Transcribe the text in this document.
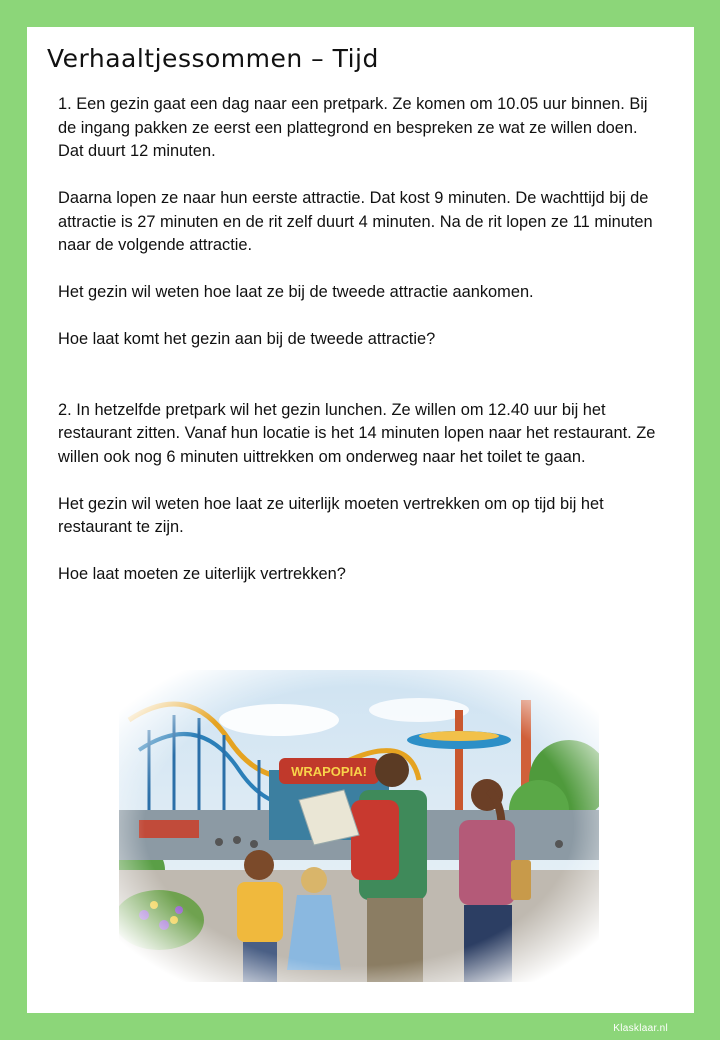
Verhaaltjessommen – Tijd

1. Een gezin gaat een dag naar een pretpark. Ze komen om 10.05 uur binnen. Bij de ingang pakken ze eerst een plattegrond en bespreken ze wat ze willen doen. Dat duurt 12 minuten.

Daarna lopen ze naar hun eerste attractie. Dat kost 9 minuten. De wachttijd bij de attractie is 27 minuten en de rit zelf duurt 4 minuten. Na de rit lopen ze 11 minuten naar de volgende attractie.

Het gezin wil weten hoe laat ze bij de tweede attractie aankomen.

Hoe laat komt het gezin aan bij de tweede attractie?

2. In hetzelfde pretpark wil het gezin lunchen. Ze willen om 12.40 uur bij het restaurant zitten. Vanaf hun locatie is het 14 minuten lopen naar het restaurant. Ze willen ook nog 6 minuten uittrekken om onderweg naar het toilet te gaan.

Het gezin wil weten hoe laat ze uiterlijk moeten vertrekken om op tijd bij het restaurant te zijn.

Hoe laat moeten ze uiterlijk vertrekken?

Klasklaar.nl
